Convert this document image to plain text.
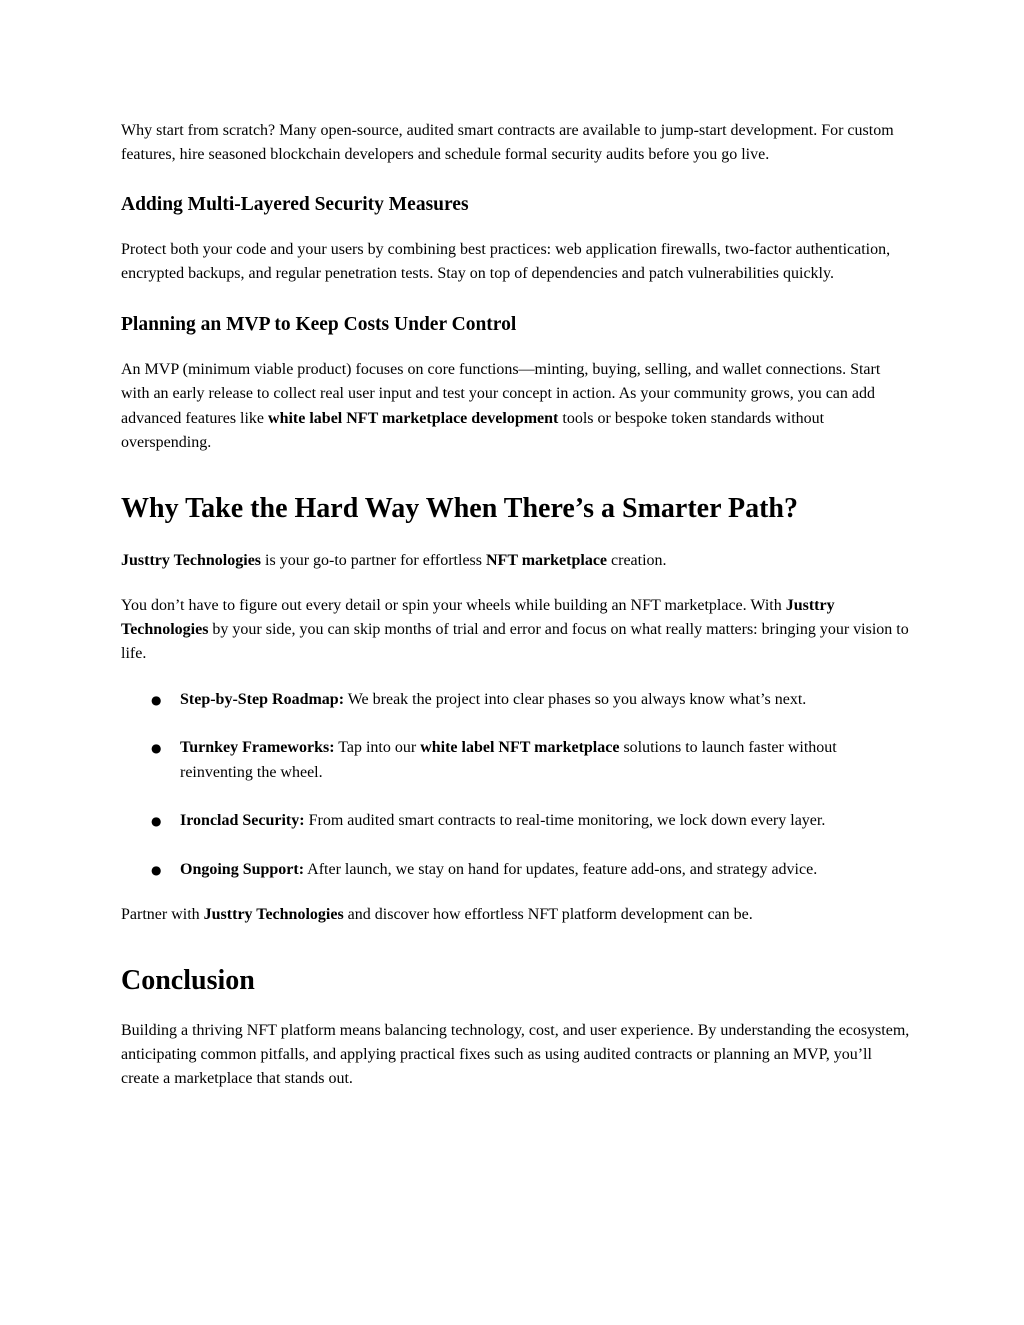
Why start from scratch? Many open‑source, audited smart contracts are available to jump‑start development. For custom features, hire seasoned blockchain developers and schedule formal security audits before you go live.

Adding Multi‑Layered Security Measures

Protect both your code and your users by combining best practices: web application firewalls, two‑factor authentication, encrypted backups, and regular penetration tests. Stay on top of dependencies and patch vulnerabilities quickly.

Planning an MVP to Keep Costs Under Control

An MVP (minimum viable product) focuses on core functions—minting, buying, selling, and wallet connections. Start with an early release to collect real user input and test your concept in action. As your community grows, you can add advanced features like white label NFT marketplace development tools or bespoke token standards without overspending.

Why Take the Hard Way When There’s a Smarter Path?

Justtry Technologies is your go‑to partner for effortless NFT marketplace creation.

You don’t have to figure out every detail or spin your wheels while building an NFT marketplace. With Justtry Technologies by your side, you can skip months of trial and error and focus on what really matters: bringing your vision to life.

● Step‑by‑Step Roadmap: We break the project into clear phases so you always know what’s next.
● Turnkey Frameworks: Tap into our white label NFT marketplace solutions to launch faster without reinventing the wheel.
● Ironclad Security: From audited smart contracts to real‑time monitoring, we lock down every layer.
● Ongoing Support: After launch, we stay on hand for updates, feature add‑ons, and strategy advice.

Partner with Justtry Technologies and discover how effortless NFT platform development can be.

Conclusion

Building a thriving NFT platform means balancing technology, cost, and user experience. By understanding the ecosystem, anticipating common pitfalls, and applying practical fixes such as using audited contracts or planning an MVP, you’ll create a marketplace that stands out.
